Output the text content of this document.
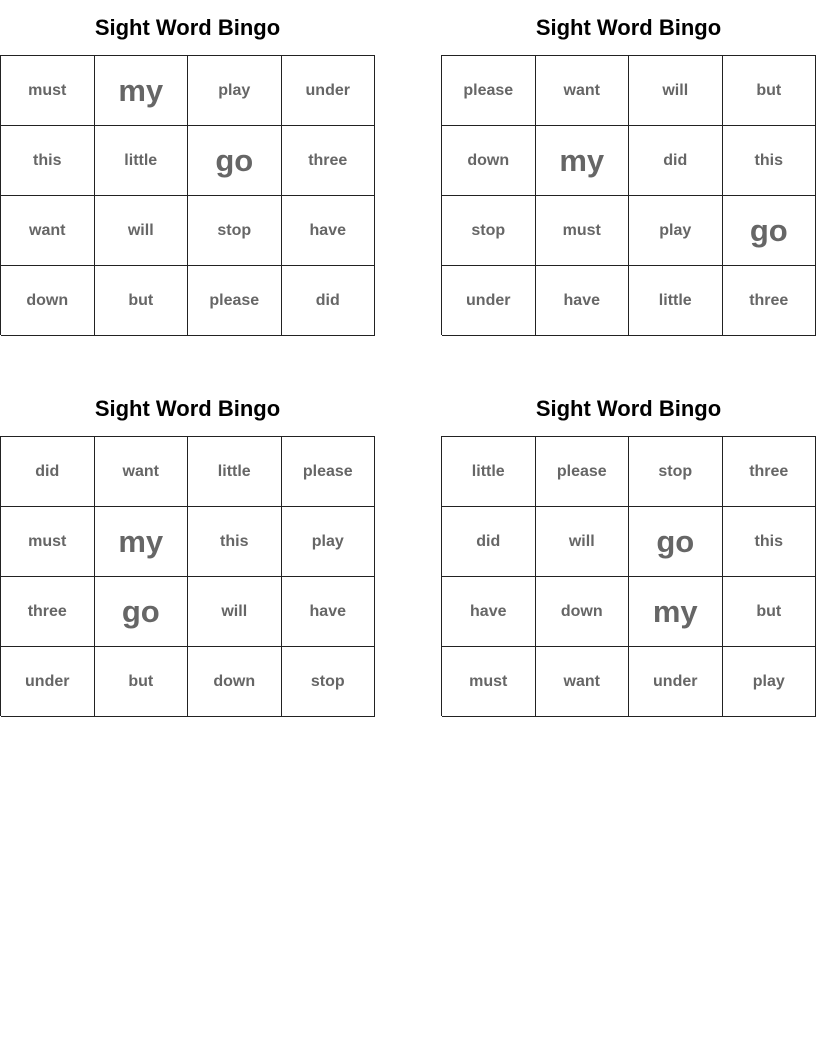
Sight Word Bingo
must	my	play	under
this	little	go	three
want	will	stop	have
down	but	please	did
Sight Word Bingo
please	want	will	but
down	my	did	this
stop	must	play	go
under	have	little	three
Sight Word Bingo
did	want	little	please
must	my	this	play
three	go	will	have
under	but	down	stop
Sight Word Bingo
little	please	stop	three
did	will	go	this
have	down	my	but
must	want	under	play
